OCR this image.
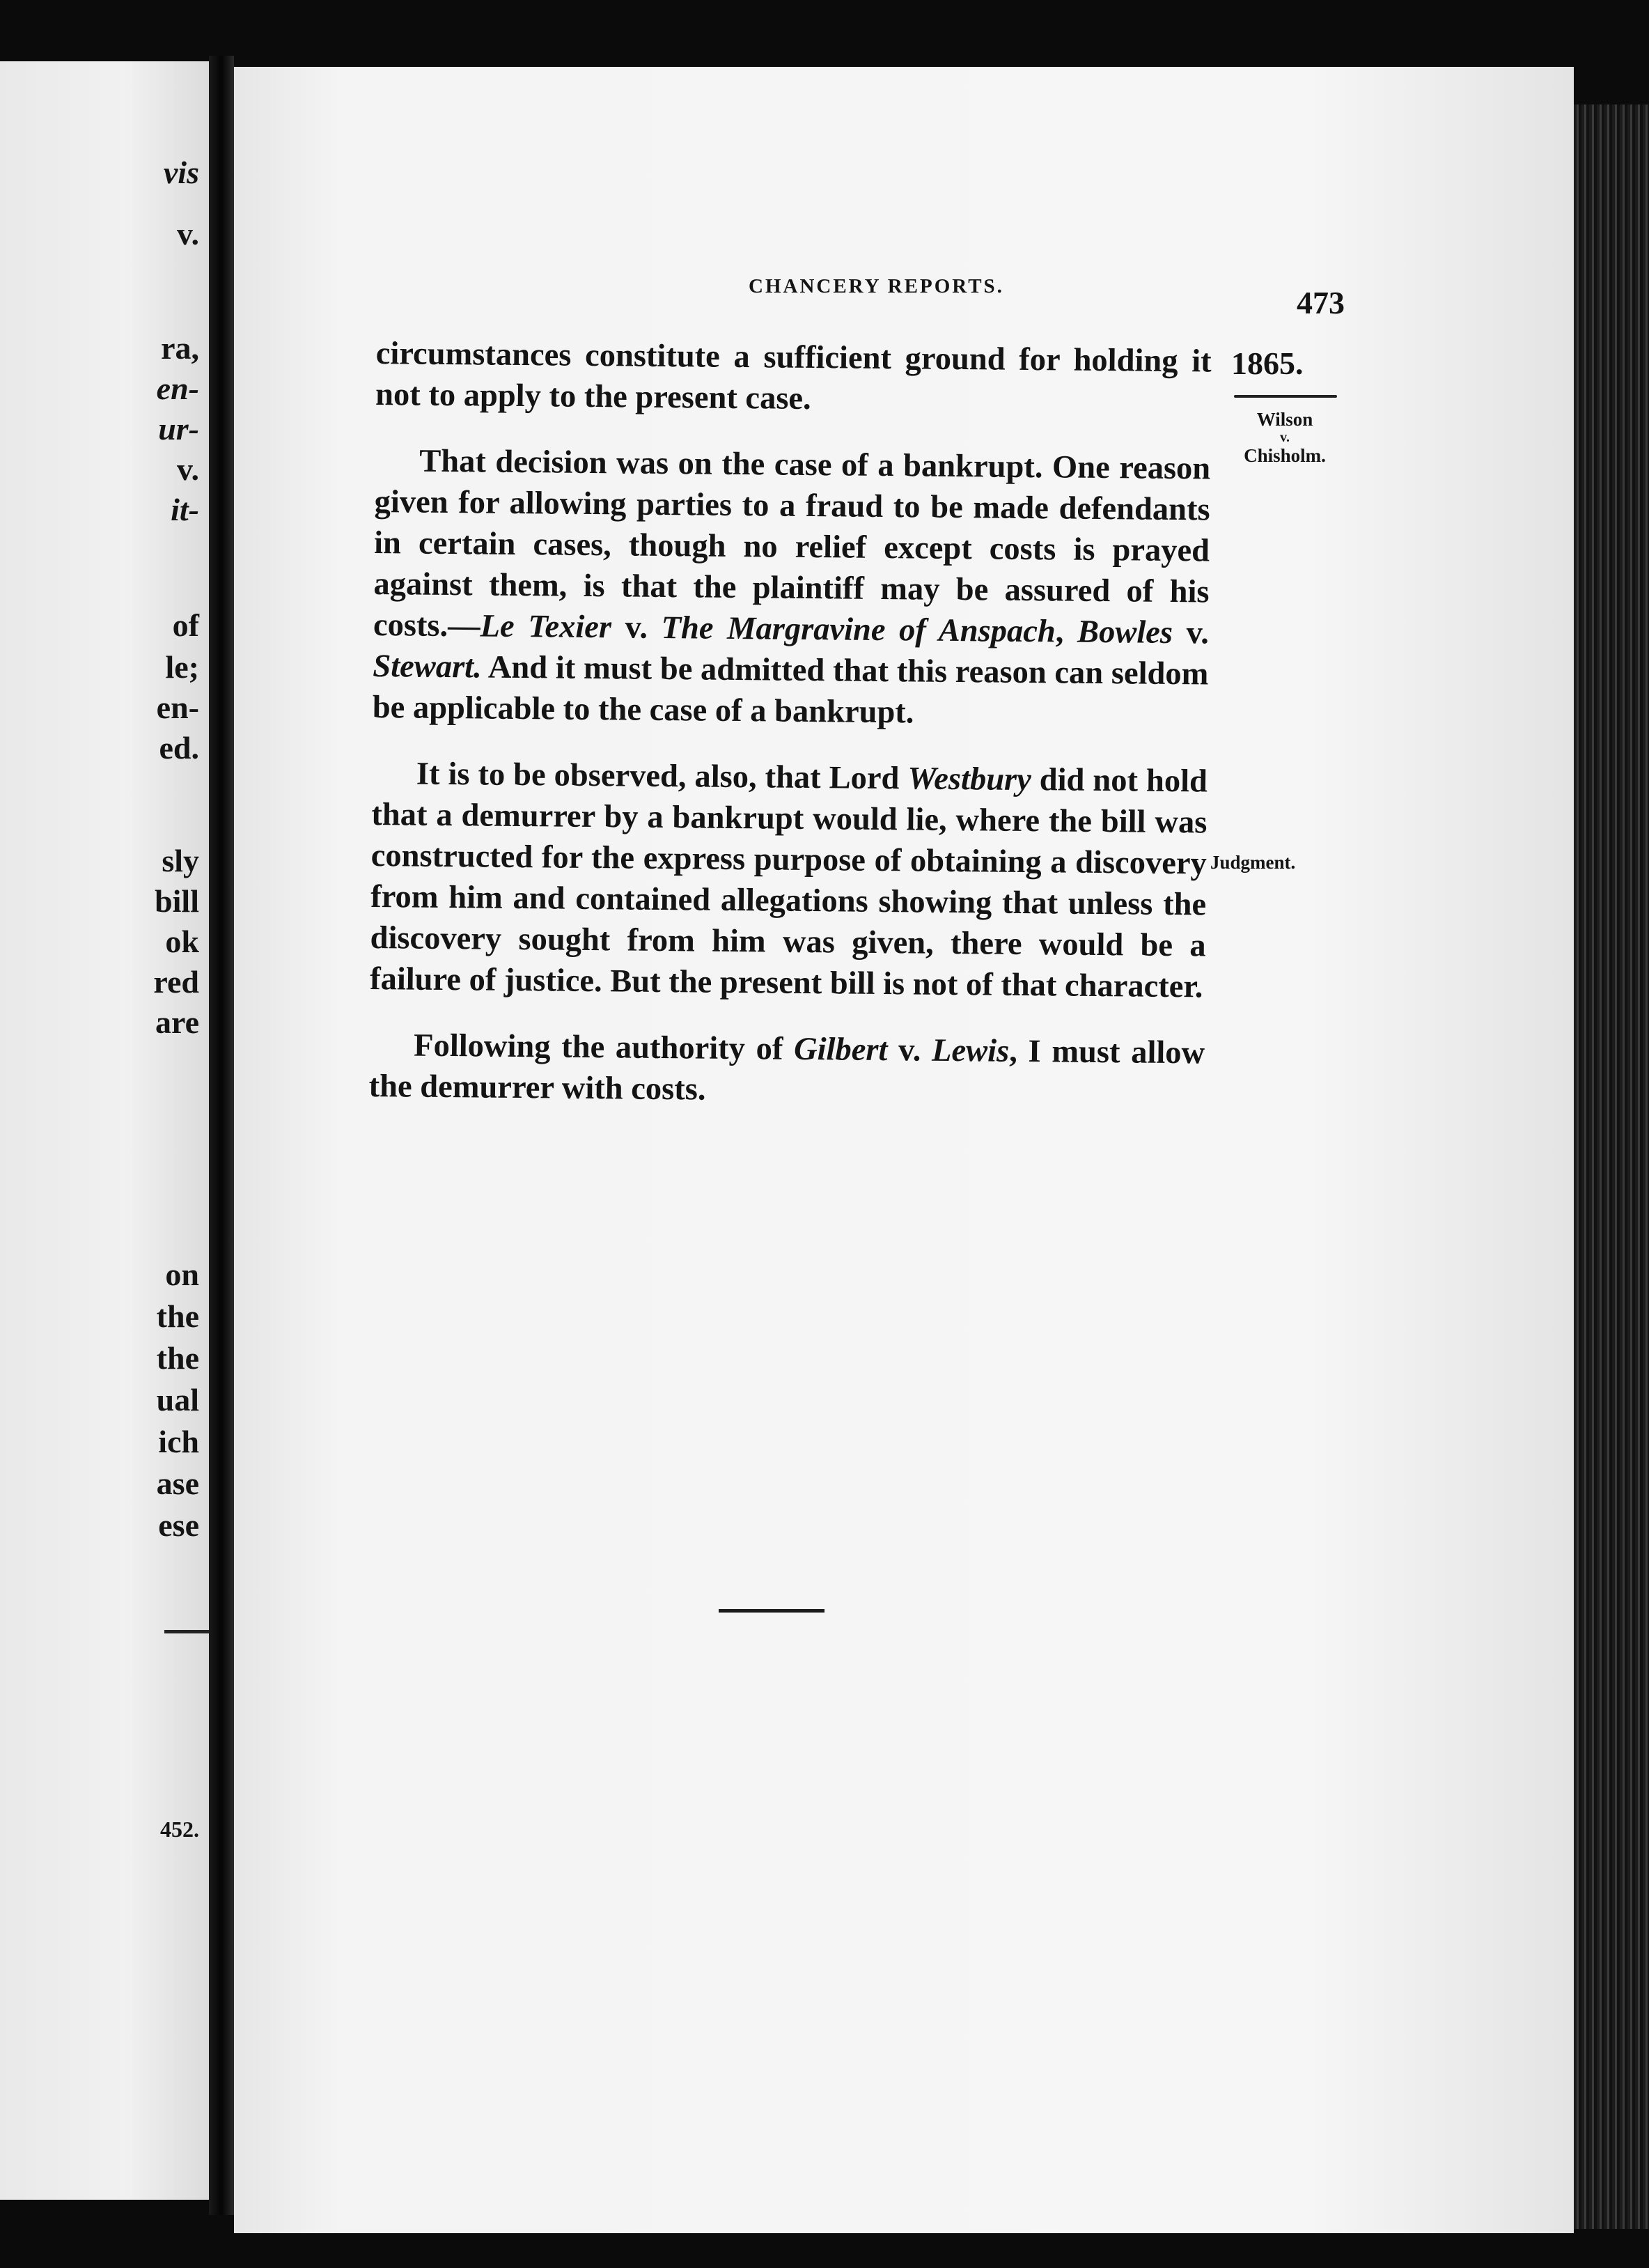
vis

v.

ra,

en-

ur-

v.

it-

of

le;

en-

ed.

sly

bill

ok

red

are

on

the

the

ual

ich

ase

ese

452.

CHANCERY REPORTS.	473
1865.
Wilson
v.
Chisholm.
Judgment.

circumstances constitute a sufficient ground for holding it not to apply to the present case.

That decision was on the case of a bankrupt. One reason given for allowing parties to a fraud to be made defendants in certain cases, though no relief except costs is prayed against them, is that the plaintiff may be assured of his costs.—Le Texier v. The Margravine of Anspach, Bowles v. Stewart. And it must be admitted that this reason can seldom be applicable to the case of a bankrupt.

It is to be observed, also, that Lord Westbury did not hold that a demurrer by a bankrupt would lie, where the bill was constructed for the express purpose of obtaining a discovery from him and contained allegations showing that unless the discovery sought from him was given, there would be a failure of justice. But the present bill is not of that character.

Following the authority of Gilbert v. Lewis, I must allow the demurrer with costs.
